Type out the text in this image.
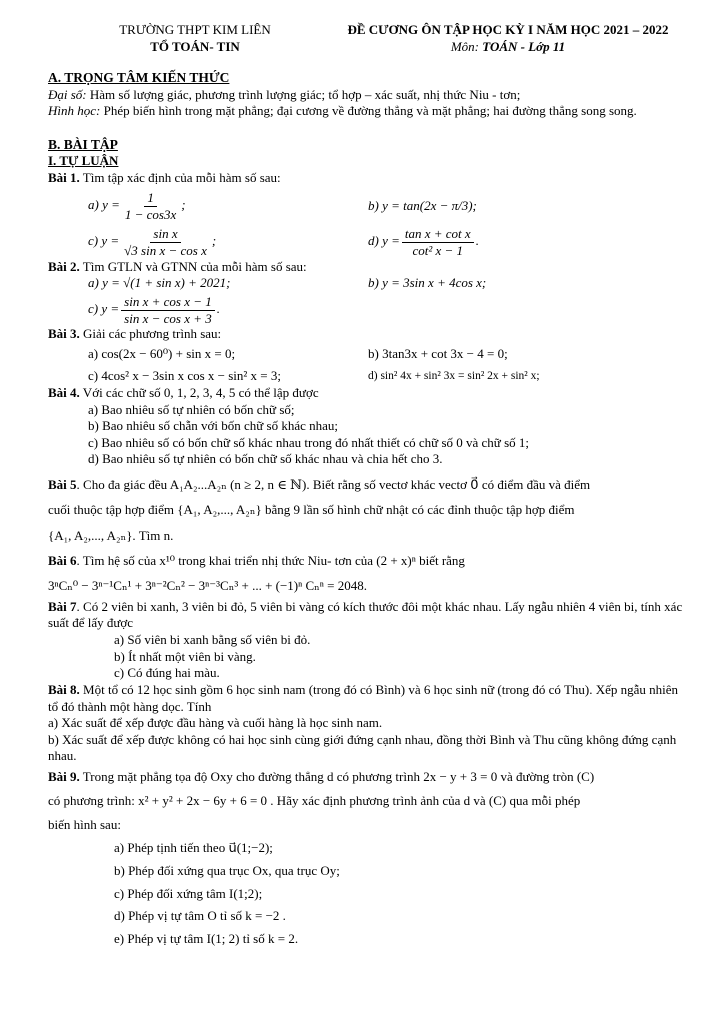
TRƯỜNG THPT KIM LIÊN
TỔ TOÁN- TIN
ĐỀ CƯƠNG ÔN TẬP HỌC KỲ I NĂM HỌC 2021 – 2022
Môn: TOÁN - Lớp 11
A. TRỌNG TÂM KIẾN THỨC

Đại số: Hàm số lượng giác, phương trình lượng giác; tổ hợp – xác suất, nhị thức Niu - tơn;

Hình học: Phép biến hình trong mặt phẳng; đại cương về đường thẳng và mặt phẳng; hai đường thẳng song song.

B. BÀI TẬP
I. TỰ LUẬN

Bài 1. Tìm tập xác định của mỗi hàm số sau:

a) $y = \frac{1}{1 - \cos 3x}$ ;	b) y = tan(2x − π/3);
c) $y = \frac{\text{sin x}}{\text{√3 sin x − cos x}}$ ;	d) $y = \frac{\text{tan x + cot x}}{\text{cot² x − 1}}$ .

Bài 2. Tìm GTLN và GTNN của mỗi hàm số sau:

a) y = √(1 + sin x) + 2021;	b) y = 3sin x + 4cos x;
c) $y = \frac{\text{sin x + cos x − 1}}{\text{sin x − cos x + 3}}$ .

Bài 3. Giải các phương trình sau:

a) cos(2x − 60⁰) + sin x = 0;	b) 3tan3x + cot 3x − 4 = 0;
c) 4cos² x − 3sin x cos x − sin² x = 3;	d) sin² 4x + sin² 3x = sin² 2x + sin² x;

Bài 4. Với các chữ số 0, 1, 2, 3, 4, 5 có thể lập được

a) Bao nhiêu số tự nhiên có bốn chữ số;
b) Bao nhiêu số chẵn với bốn chữ số khác nhau;
c) Bao nhiêu số có bốn chữ số khác nhau trong đó nhất thiết có chữ số 0 và chữ số 1;
d) Bao nhiêu số tự nhiên có bốn chữ số khác nhau và chia hết cho 3.
Bài 5. Cho đa giác đều A₁A₂...A₂ₙ (n ≥ 2, n ∈ ℕ). Biết rằng số vectơ khác vectơ 0⃗ có điểm đầu và điểm
cuối thuộc tập hợp điểm {A₁, A₂,..., A₂ₙ} bằng 9 lần số hình chữ nhật có các đỉnh thuộc tập hợp điểm
{A₁, A₂,..., A₂ₙ}. Tìm n.
Bài 6. Tìm hệ số của x¹⁰ trong khai triển nhị thức Niu- tơn của (2 + x)ⁿ biết rằng
3ⁿCₙ⁰ − 3ⁿ⁻¹Cₙ¹ + 3ⁿ⁻²Cₙ² − 3ⁿ⁻³Cₙ³ + ... + (−1)ⁿ Cₙⁿ = 2048.

Bài 7. Có 2 viên bi xanh, 3 viên bi đỏ, 5 viên bi vàng có kích thước đôi một khác nhau. Lấy ngẫu nhiên 4 viên bi, tính xác suất để lấy được

a) Số viên bi xanh bằng số viên bi đỏ.
b) Ít nhất một viên bi vàng.
c) Có đúng hai màu.

Bài 8. Một tổ có 12 học sinh gồm 6 học sinh nam (trong đó có Bình) và 6 học sinh nữ (trong đó có Thu). Xếp ngẫu nhiên tổ đó thành một hàng dọc. Tính

a) Xác suất để xếp được đầu hàng và cuối hàng là học sinh nam.
b) Xác suất để xếp được không có hai học sinh cùng giới đứng cạnh nhau, đồng thời Bình và Thu cũng không đứng cạnh nhau.
Bài 9. Trong mặt phẳng tọa độ Oxy cho đường thẳng d có phương trình 2x − y + 3 = 0 và đường tròn (C)
có phương trình: x² + y² + 2x − 6y + 6 = 0 . Hãy xác định phương trình ảnh của d và (C) qua mỗi phép
biến hình sau:
a) Phép tịnh tiến theo u⃗(1;−2);
b) Phép đối xứng qua trục Ox, qua trục Oy;
c) Phép đối xứng tâm I(1;2);
d) Phép vị tự tâm O tỉ số k = −2 .
e) Phép vị tự tâm I(1; 2) tỉ số k = 2.
